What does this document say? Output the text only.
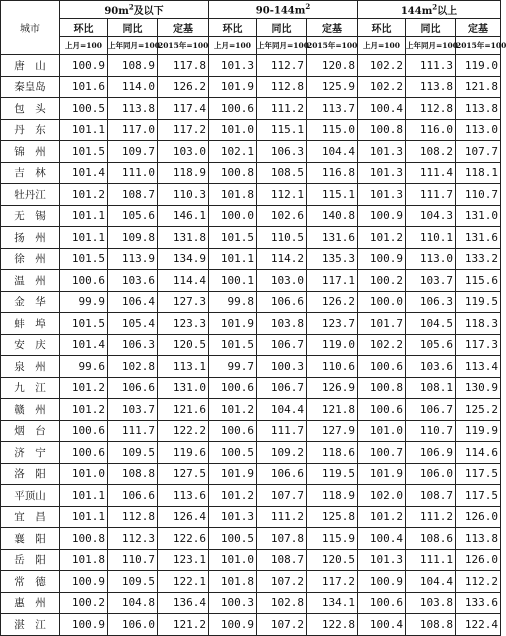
城市	$90m^2$及以下			$90-144m^2$			$144m^2$以上		
	环比	同比	定基	环比	同比	定基	环比	同比	定基
	上月=100	上年同月=100	2015年=100	上月=100	上年同月=100	2015年=100	上月=100	上年同月=100	2015年=100
唐　山	100.9	108.9	117.8	101.3	112.7	120.8	102.2	111.3	119.0
秦皇岛	101.6	114.0	126.2	101.9	112.8	125.9	102.2	113.8	121.8
包　头	100.5	113.8	117.4	100.6	111.2	113.7	100.4	112.8	113.8
丹　东	101.1	117.0	117.2	101.0	115.1	115.0	100.8	116.0	113.0
锦　州	101.5	109.7	103.0	102.1	106.3	104.4	101.3	108.2	107.7
吉　林	101.4	111.0	118.9	100.8	108.5	116.8	101.3	111.4	118.1
牡丹江	101.2	108.7	110.3	101.8	112.1	115.1	101.3	111.7	110.7
无　锡	101.1	105.6	146.1	100.0	102.6	140.8	100.9	104.3	131.0
扬　州	101.1	109.8	131.8	101.5	110.5	131.6	101.2	110.1	131.6
徐　州	101.5	113.9	134.9	101.1	114.2	135.3	100.9	113.0	133.2
温　州	100.6	103.6	114.4	100.1	103.0	117.1	100.2	103.7	115.6
金　华	99.9	106.4	127.3	99.8	106.6	126.2	100.0	106.3	119.5
蚌　埠	101.5	105.4	123.3	101.9	103.8	123.7	101.7	104.5	118.3
安　庆	101.4	106.3	120.5	101.5	106.7	119.0	102.2	105.6	117.3
泉　州	99.6	102.8	113.1	99.7	100.3	110.6	100.6	103.6	113.4
九　江	101.2	106.6	131.0	100.6	106.7	126.9	100.8	108.1	130.9
赣　州	101.2	103.7	121.6	101.2	104.4	121.8	100.6	106.7	125.2
烟　台	100.6	111.7	122.2	100.6	111.7	127.9	101.0	110.7	119.9
济　宁	100.6	109.5	119.6	100.5	109.2	118.6	100.7	106.9	114.6
洛　阳	101.0	108.8	127.5	101.9	106.6	119.5	101.9	106.0	117.5
平顶山	101.1	106.6	113.6	101.2	107.7	118.9	102.0	108.7	117.5
宜　昌	101.1	112.8	126.4	101.3	111.2	125.8	101.2	111.2	126.0
襄　阳	100.8	112.3	122.6	100.5	107.8	115.9	100.4	108.6	113.8
岳　阳	101.8	110.7	123.1	101.0	108.7	120.5	101.3	111.1	126.0
常　德	100.9	109.5	122.1	101.8	107.2	117.2	100.9	104.4	112.2
惠　州	100.2	104.8	136.4	100.3	102.8	134.1	100.6	103.8	133.6
湛　江	100.9	106.0	121.2	100.9	107.2	122.8	100.4	108.8	122.4
